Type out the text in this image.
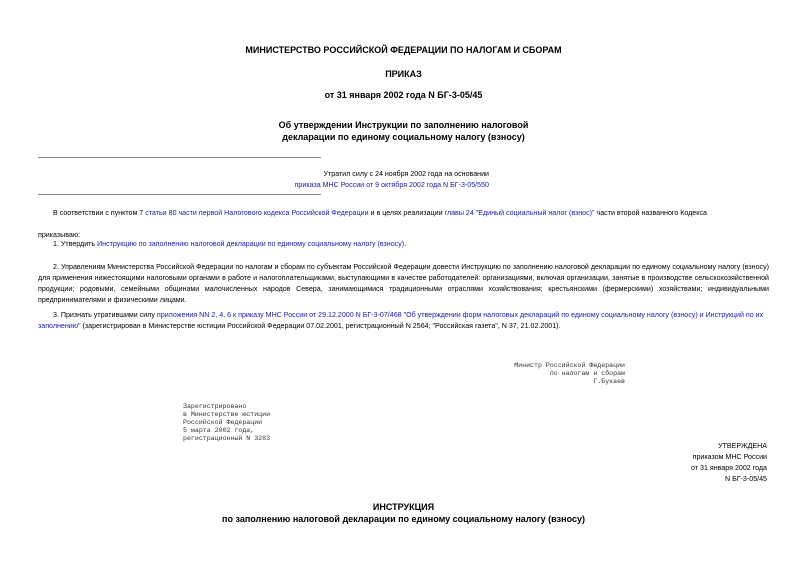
МИНИСТЕРСТВО РОССИЙСКОЙ ФЕДЕРАЦИИ ПО НАЛОГАМ И СБОРАМ
ПРИКАЗ
от 31 января 2002 года N БГ-3-05/45
Об утверждении Инструкции по заполнению налоговой
декларации по единому социальному налогу (взносу)
Утратил силу с 24 ноября 2002 года на основании
приказа МНС России от 9 октября 2002 года N БГ-3-05/550
В соответствии с пунктом 7 статьи 80 части первой Налогового кодекса Российской Федерации и в целях реализации главы 24 "Единый социальный налог (взнос)" части второй названного Кодекса
приказываю:
1. Утвердить Инструкцию по заполнению налоговой декларации по единому социальному налогу (взносу).
2. Управлениям Министерства Российской Федерации по налогам и сборам по субъектам Российской Федерации довести Инструкцию по заполнению налоговой декларации по единому социальному налогу (взносу) для применения нижестоящими налоговыми органами в работе и налогоплательщиками, выступающими в качестве работодателей: организациями, включая организации, занятые в производстве сельскохозяйственной продукции; родовыми, семейными общинами малочисленных народов Севера, занимающимися традиционными отраслями хозяйствования; крестьянскими (фермерскими) хозяйствами; индивидуальными предпринимателями и физическими лицами.
3. Признать утратившими силу приложения NN 2, 4, 6 к приказу МНС России от 29.12.2000 N БГ-3-07/468 "Об утверждении форм налоговых деклараций по единому социальному налогу (взносу) и Инструкций по их заполнению" (зарегистрирован в Министерстве юстиции Российской Федерации 07.02.2001, регистрационный N 2564; "Российская газета", N 37, 21.02.2001).
Министр Российской Федерации
по налогам и сборам
Г.Букаев
Зарегистрировано
в Министерстве юстиции
Российской Федерации
5 марта 2002 года,
регистрационный N 3283
УТВЕРЖДЕНА
приказом МНС России
от 31 января 2002 года
N БГ-3-05/45
ИНСТРУКЦИЯ
по заполнению налоговой декларации по единому социальному налогу (взносу)
